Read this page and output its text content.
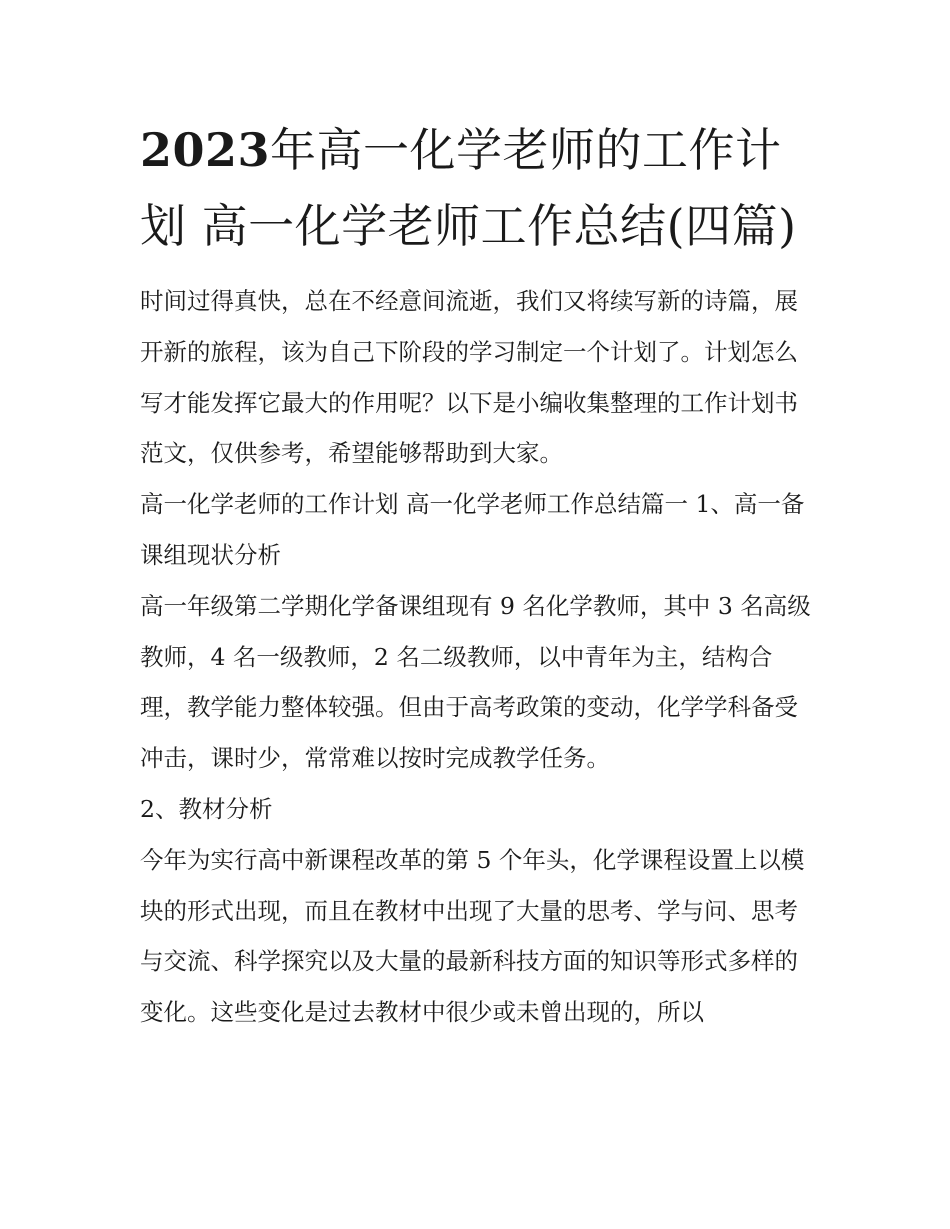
2023年高一化学老师的工作计划 高一化学老师工作总结(四篇)

时间过得真快，总在不经意间流逝，我们又将续写新的诗篇，展开新的旅程，该为自己下阶段的学习制定一个计划了。计划怎么写才能发挥它最大的作用呢？以下是小编收集整理的工作计划书范文，仅供参考，希望能够帮助到大家。

高一化学老师的工作计划 高一化学老师工作总结篇一 1、高一备课组现状分析

高一年级第二学期化学备课组现有 9 名化学教师，其中 3 名高级教师，4 名一级教师，2 名二级教师，以中青年为主，结构合理，教学能力整体较强。但由于高考政策的变动，化学学科备受冲击，课时少，常常难以按时完成教学任务。

2、教材分析

今年为实行高中新课程改革的第 5 个年头，化学课程设置上以模块的形式出现，而且在教材中出现了大量的思考、学与问、思考与交流、科学探究以及大量的最新科技方面的知识等形式多样的变化。这些变化是过去教材中很少或未曾出现的，所以
